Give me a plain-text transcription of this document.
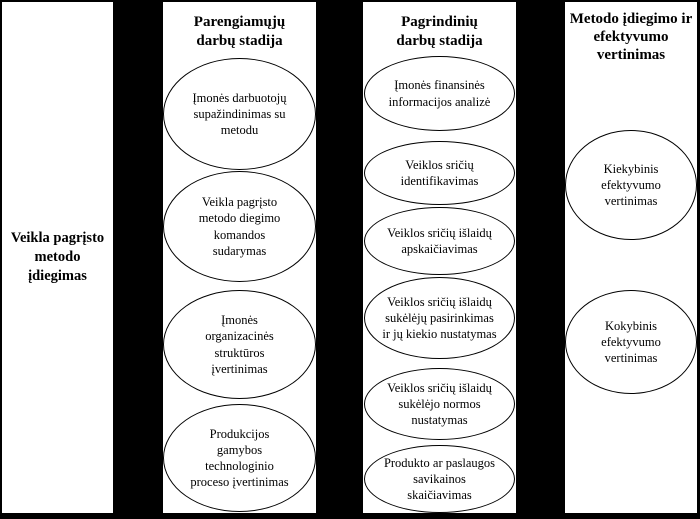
Veikla pagrįsto metodo įdiegimas
Parengiamųjų darbų stadija
Įmonės darbuotojų supažindinimas su metodu
Veikla pagrįsto metodo diegimo komandos sudarymas
Įmonės organizacinės struktūros įvertinimas
Produkcijos gamybos technologinio proceso įvertinimas
Pagrindinių darbų stadija
Įmonės finansinės informacijos analizė
Veiklos sričių identifikavimas
Veiklos sričių išlaidų apskaičiavimas
Veiklos sričių išlaidų sukėlėjų pasirinkimas ir jų kiekio nustatymas
Veiklos sričių išlaidų sukėlėjo normos nustatymas
Produkto ar paslaugos savikainos skaičiavimas
Metodo įdiegimo ir efektyvumo vertinimas
Kiekybinis efektyvumo vertinimas
Kokybinis efektyvumo vertinimas
